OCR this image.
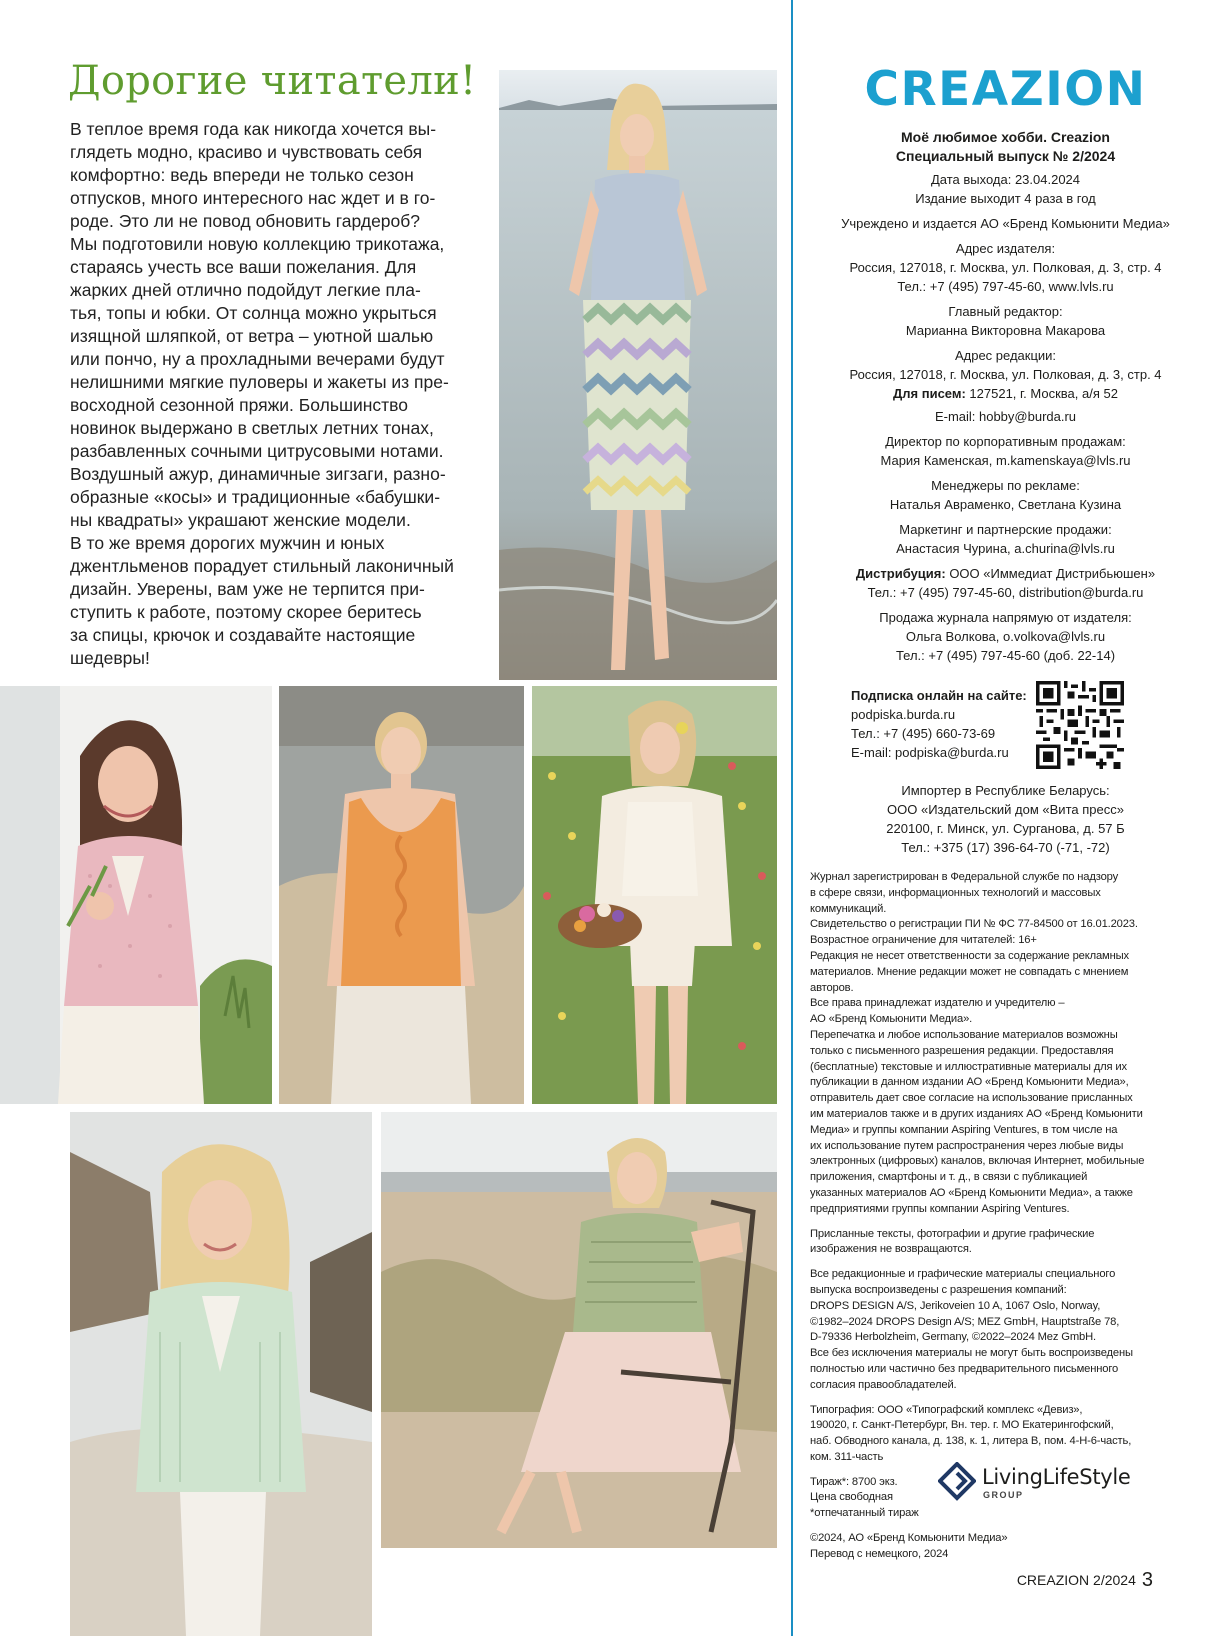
Дорогие читатели!
В теплое время года как никогда хочется вы-
глядеть модно, красиво и чувствовать себя
комфортно: ведь впереди не только сезон
отпусков, много интересного нас ждет и в го-
роде. Это ли не повод обновить гардероб?
Мы подготовили новую коллекцию трикотажа,
стараясь учесть все ваши пожелания. Для
жарких дней отлично подойдут легкие пла-
тья, топы и юбки. От солнца можно укрыться
изящной шляпкой, от ветра – уютной шалью
или пончо, ну а прохладными вечерами будут
нелишними мягкие пуловеры и жакеты из пре-
восходной сезонной пряжи. Большинство
новинок выдержано в светлых летних тонах,
разбавленных сочными цитрусовыми нотами.
Воздушный ажур, динамичные зигзаги, разно-
образные «косы» и традиционные «бабушки-
ны квадраты» украшают женские модели.
В то же время дорогих мужчин и юных
джентльменов порадует стильный лаконичный
дизайн. Уверены, вам уже не терпится при-
ступить к работе, поэтому скорее беритесь
за спицы, крючок и создавайте настоящие
шедевры!
CREAZION
Моё любимое хобби. Creazion
Специальный выпуск № 2/2024
Дата выхода: 23.04.2024
Издание выходит 4 раза в год
Учреждено и издается АО «Бренд Комьюнити Медиа»
Адрес издателя:
Россия, 127018, г. Москва, ул. Полковая, д. 3, стр. 4
Тел.: +7 (495) 797-45-60, www.lvls.ru
Главный редактор:
Марианна Викторовна Макарова
Адрес редакции:
Россия, 127018, г. Москва, ул. Полковая, д. 3, стр. 4
Для писем: 127521, г. Москва, а/я 52
E-mail: hobby@burda.ru
Директор по корпоративным продажам:
Мария Каменская, m.kamenskaya@lvls.ru
Менеджеры по рекламе:
Наталья Авраменко, Светлана Кузина
Маркетинг и партнерские продажи:
Анастасия Чурина, a.churina@lvls.ru
Дистрибуция: ООО «Иммедиат Дистрибьюшен»
Тел.: +7 (495) 797-45-60, distribution@burda.ru
Продажа журнала напрямую от издателя:
Ольга Волкова, o.volkova@lvls.ru
Тел.: +7 (495) 797-45-60 (доб. 22-14)
Подписка онлайн на сайте:
podpiska.burda.ru
Тел.: +7 (495) 660-73-69
E-mail: podpiska@burda.ru
Импортер в Республике Беларусь:
ООО «Издательский дом «Вита пресс»
220100, г. Минск, ул. Сурганова, д. 57 Б
Тел.: +375 (17) 396-64-70 (-71, -72)
Журнал зарегистрирован в Федеральной службе по надзору
в сфере связи, информационных технологий и массовых
коммуникаций.
Свидетельство о регистрации ПИ № ФС 77-84500 от 16.01.2023.
Возрастное ограничение для читателей: 16+
Редакция не несет ответственности за содержание рекламных
материалов. Мнение редакции может не совпадать с мнением
авторов.
Все права принадлежат издателю и учредителю –
АО «Бренд Комьюнити Медиа».
Перепечатка и любое использование материалов возможны
только с письменного разрешения редакции. Предоставляя
(бесплатные) текстовые и иллюстративные материалы для их
публикации в данном издании АО «Бренд Комьюнити Медиа»,
отправитель дает свое согласие на использование присланных
им материалов также и в других изданиях АО «Бренд Комьюнити
Медиа» и группы компании Aspiring Ventures, в том числе на
их использование путем распространения через любые виды
электронных (цифровых) каналов, включая Интернет, мобильные
приложения, смартфоны и т. д., в связи с публикацией
указанных материалов АО «Бренд Комьюнити Медиа», а также
предприятиями группы компании Aspiring Ventures.
Присланные тексты, фотографии и другие графические
изображения не возвращаются.
Все редакционные и графические материалы специального
выпуска воспроизведены с разрешения компаний:
DROPS DESIGN A/S, Jerikoveien 10 A, 1067 Oslo, Norway,
©1982–2024 DROPS Design A/S; MEZ GmbH, Hauptstraße 78,
D-79336 Herbolzheim, Germany, ©2022–2024 Mez GmbH.
Все без исключения материалы не могут быть воспроизведены
полностью или частично без предварительного письменного
согласия правообладателей.
Типография: ООО «Типографский комплекс «Девиз»,
190020, г. Санкт-Петербург, Вн. тер. г. МО Екатерингофский,
наб. Обводного канала, д. 138, к. 1, литера В, пом. 4-Н-6-часть,
ком. 311-часть
Тираж*: 8700 экз.
Цена свободная
*отпечатанный тираж
©2024, АО «Бренд Комьюнити Медиа»
Перевод с немецкого, 2024
LivingLifeStyle
GROUP
CREAZION 2/2024 3
